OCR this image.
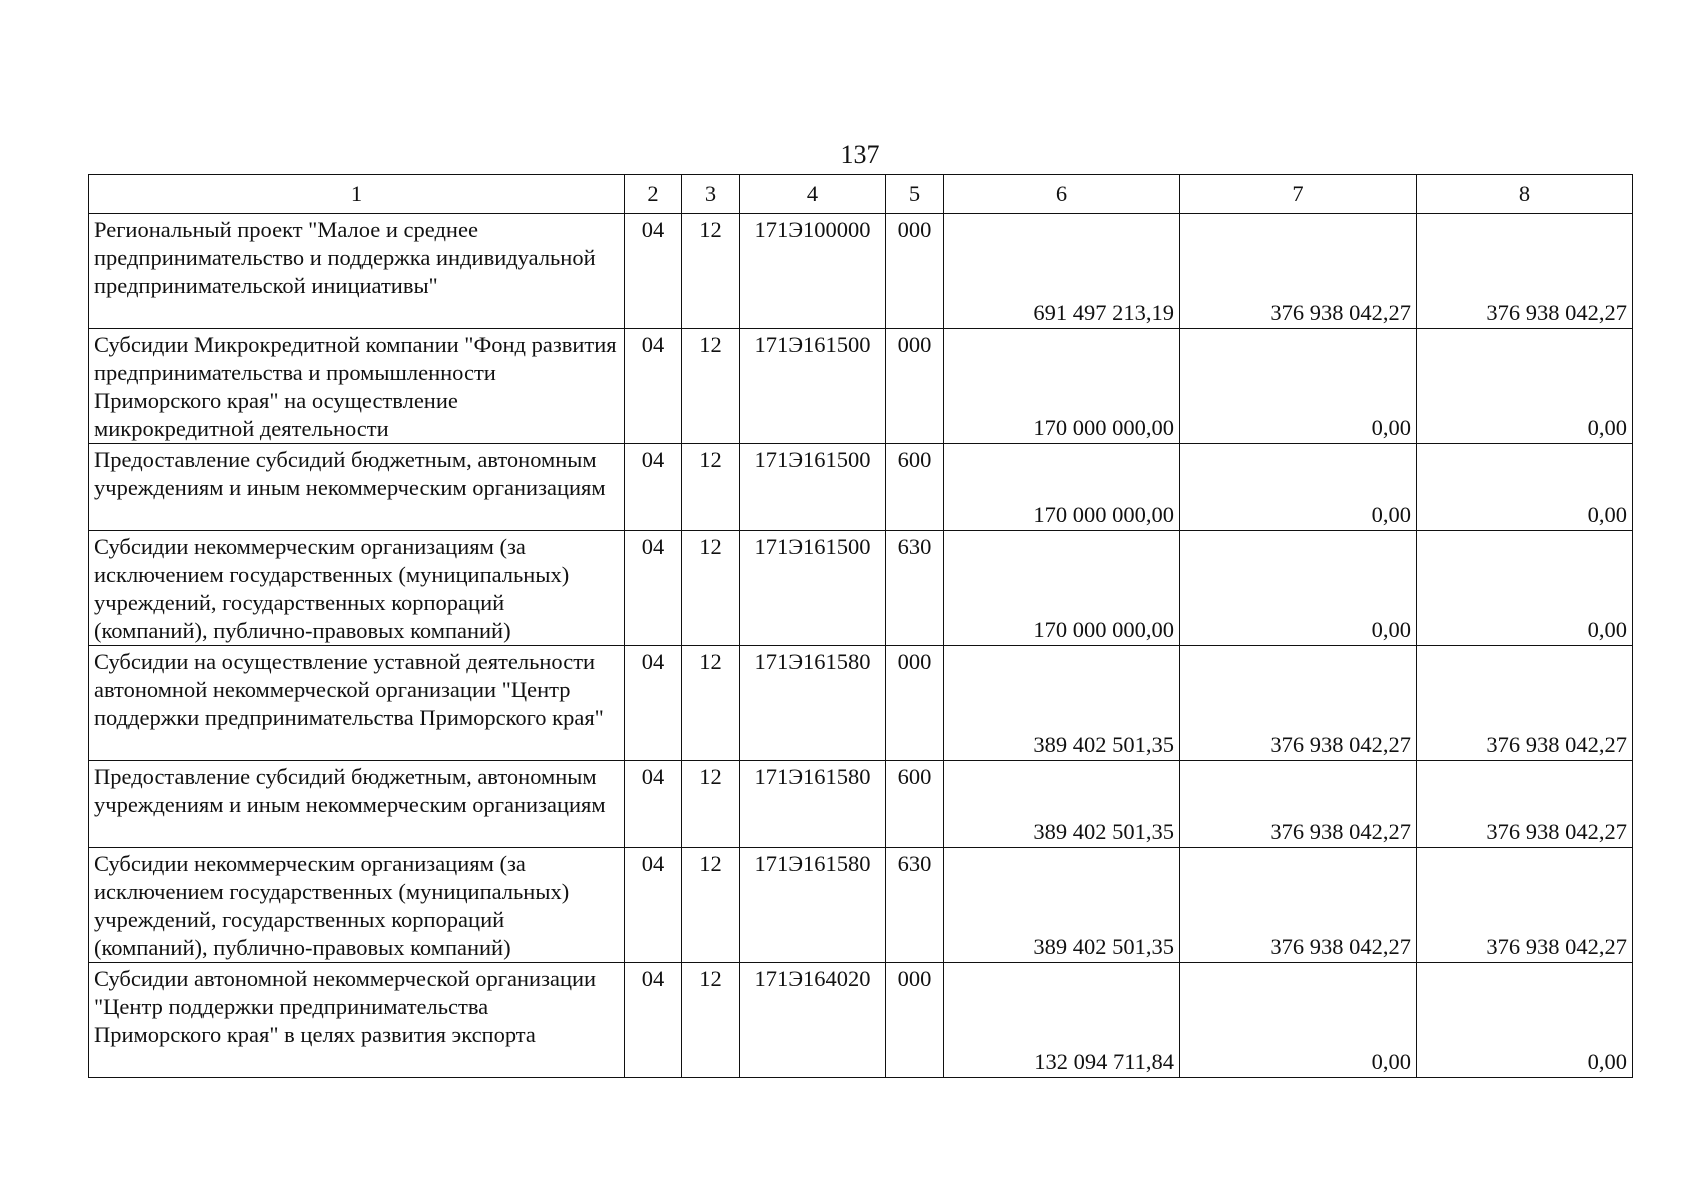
137
1	2	3	4	5	6	7	8
Региональный проект "Малое и среднее предпринимательство и поддержка индивидуальной предпринимательской инициативы"	04	12	171Э100000	000	691 497 213,19	376 938 042,27	376 938 042,27
Субсидии Микрокредитной компании "Фонд развития предпринимательства и промышленности Приморского края" на осуществление микрокредитной деятельности	04	12	171Э161500	000	170 000 000,00	0,00	0,00
Предоставление субсидий бюджетным, автономным учреждениям и иным некоммерческим организациям	04	12	171Э161500	600	170 000 000,00	0,00	0,00
Субсидии некоммерческим организациям (за исключением государственных (муниципальных) учреждений, государственных корпораций (компаний), публично-правовых компаний)	04	12	171Э161500	630	170 000 000,00	0,00	0,00
Субсидии на осуществление уставной деятельности автономной некоммерческой организации "Центр поддержки предпринимательства Приморского края"	04	12	171Э161580	000	389 402 501,35	376 938 042,27	376 938 042,27
Предоставление субсидий бюджетным, автономным учреждениям и иным некоммерческим организациям	04	12	171Э161580	600	389 402 501,35	376 938 042,27	376 938 042,27
Субсидии некоммерческим организациям (за исключением государственных (муниципальных) учреждений, государственных корпораций (компаний), публично-правовых компаний)	04	12	171Э161580	630	389 402 501,35	376 938 042,27	376 938 042,27
Субсидии автономной некоммерческой организации "Центр поддержки предпринимательства Приморского края" в целях развития экспорта	04	12	171Э164020	000	132 094 711,84	0,00	0,00
